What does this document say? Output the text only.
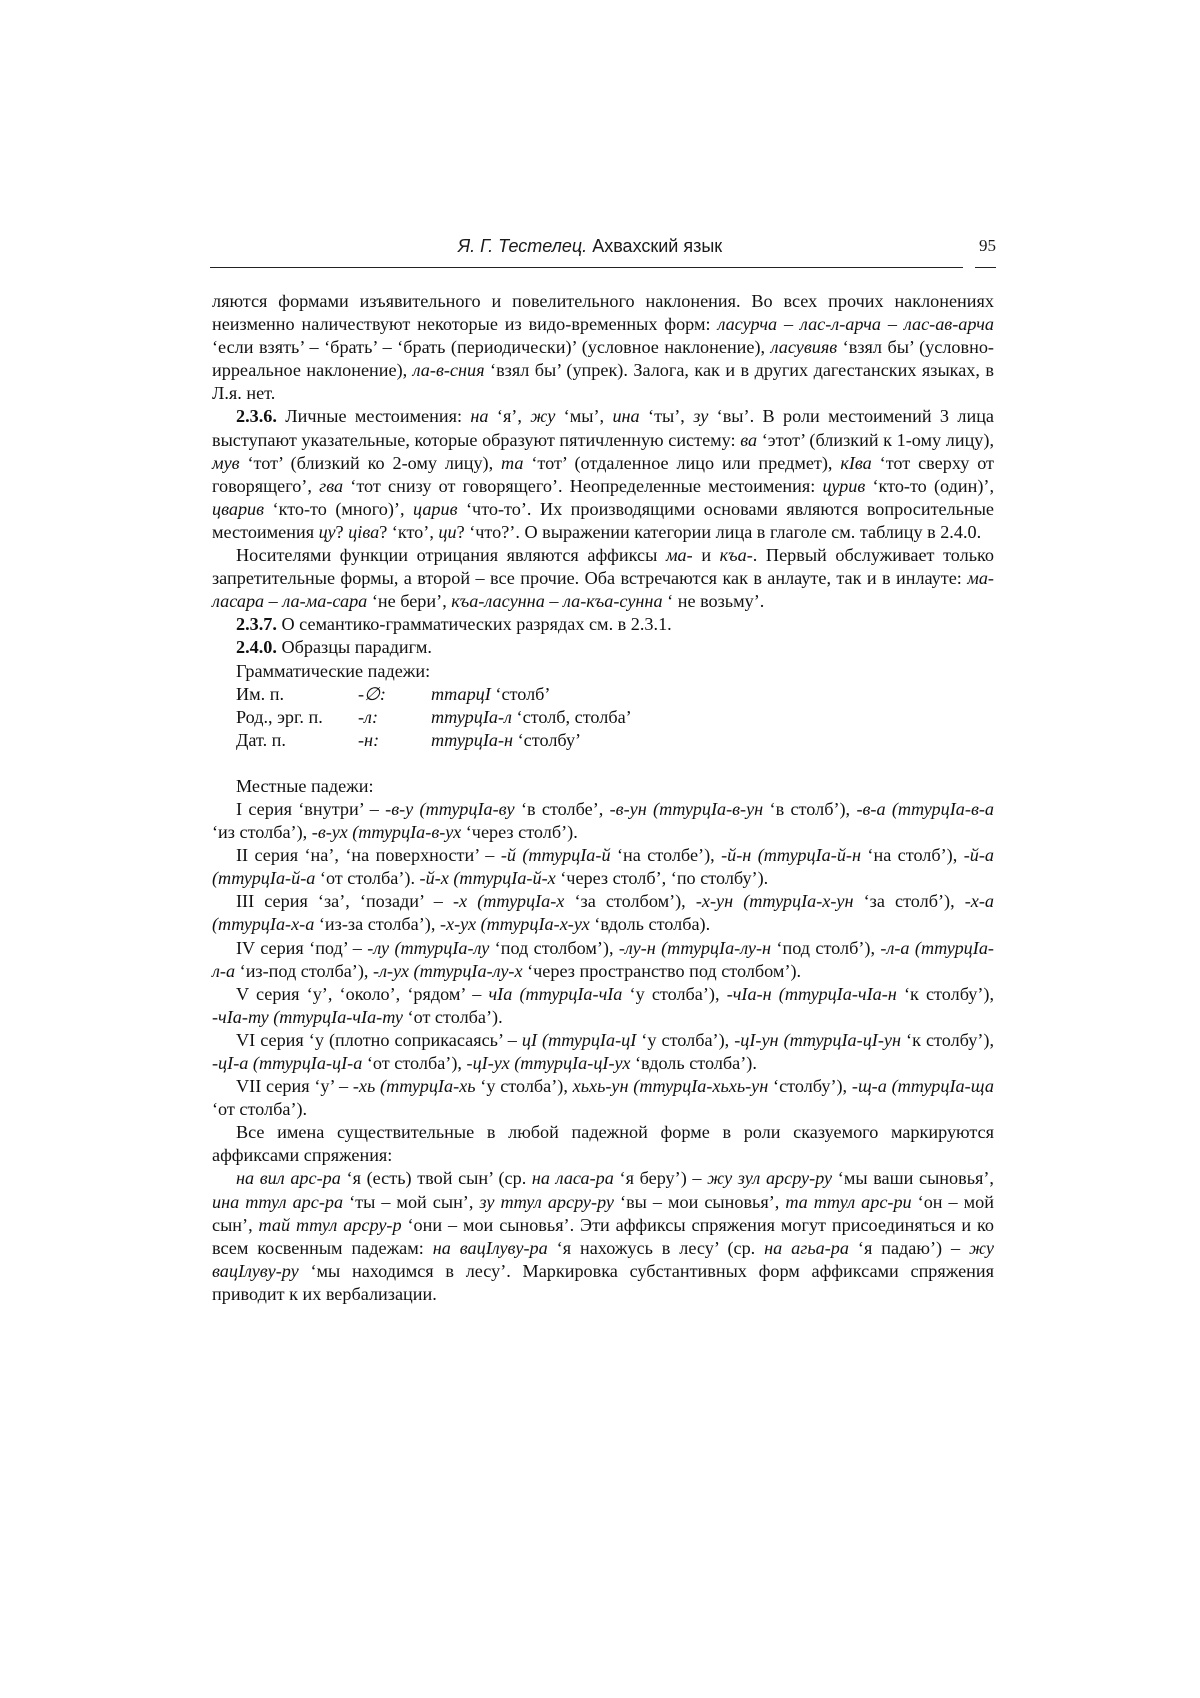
Я. Г. Тестелец. Ахвахский язык	95

ляются формами изъявительного и повелительного наклонения. Во всех прочих наклонениях неизменно наличествуют некоторые из видо-временных форм: ласурча – лас-л-арча – лас-ав-арча ‘если взять’ – ‘брать’ – ‘брать (периодически)’ (условное наклонение), ласувияв ‘взял бы’ (условно-ирреальное наклонение), ла-в-сния ‘взял бы’ (упрек). Залога, как и в других дагестанских языках, в Л.я. нет.

2.3.6. Личные местоимения: на ‘я’, жу ‘мы’, ина ‘ты’, зу ‘вы’. В роли местоимений 3 лица выступают указательные, которые образуют пятичленную систему: ва ‘этот’ (близкий к 1-ому лицу), мув ‘тот’ (близкий ко 2-ому лицу), та ‘тот’ (отдаленное лицо или предмет), кIва ‘тот сверху от говорящего’, гва ‘тот снизу от говорящего’. Неопределенные местоимения: цурив ‘кто-то (один)’, цварив ‘кто-то (много)’, царив ‘что-то’. Их производящими основами являются вопросительные местоимения цу? ціва? ‘кто’, ци? ‘что?’. О выражении категории лица в глаголе см. таблицу в 2.4.0.

Носителями функции отрицания являются аффиксы ма- и къа-. Первый обслуживает только запретительные формы, а второй – все прочие. Оба встречаются как в анлауте, так и в инлауте: ма-ласара – ла-ма-сара ‘не бери’, къа-ласунна – ла-къа-сунна ‘ не возьму’.

2.3.7. О семантико-грамматических разрядах см. в 2.3.1.

2.4.0. Образцы парадигм.

Грамматические падежи:

Им. п.	-∅:	ттарцI ‘столб’
Род., эрг. п.	-л:	ттурцIа-л ‘столб, столба’
Дат. п.	-н:	ттурцIа-н ‘столбу’

Местные падежи:

I серия ‘внутри’ – -в-у (ттурцIа-ву ‘в столбе’, -в-ун (ттурцIа-в-ун ‘в столб’), -в-а (ттурцIа-в-а ‘из столба’), -в-ух (ттурцIа-в-ух ‘через столб’).

II серия ‘на’, ‘на поверхности’ – -й (ттурцIа-й ‘на столбе’), -й-н (ттурцIа-й-н ‘на столб’), -й-а (ттурцIа-й-а ‘от столба’). -й-х (ттурцIа-й-х ‘через столб’, ‘по столбу’).

III серия ‘за’, ‘позади’ – -х (ттурцIа-х ‘за столбом’), -х-ун (ттурцIа-х-ун ‘за столб’), -х-а (ттурцIа-х-а ‘из-за столба’), -х-ух (ттурцIа-х-ух ‘вдоль столба).

IV серия ‘под’ – -лу (ттурцIа-лу ‘под столбом’), -лу-н (ттурцIа-лу-н ‘под столб’), -л-а (ттурцIа-л-а ‘из-под столба’), -л-ух (ттурцIа-лу-х ‘через пространство под столбом’).

V серия ‘у’, ‘около’, ‘рядом’ – чIа (ттурцIа-чIа ‘у столба’), -чIа-н (ттурцIа-чIа-н ‘к столбу’), -чIа-ту (ттурцIа-чIа-ту ‘от столба’).

VI серия ‘у (плотно соприкасаясь’ – цI (ттурцIа-цI ‘у столба’), -цI-ун (ттурцIа-цI-ун ‘к столбу’), -цI-а (ттурцIа-цI-а ‘от столба’), -цI-ух (ттурцIа-цI-ух ‘вдоль столба’).

VII серия ‘у’ – -хь (ттурцIа-хь ‘у столба’), хьхь-ун (ттурцIа-хьхь-ун ‘столбу’), -щ-а (ттурцIа-ща ‘от столба’).

Все имена существительные в любой падежной форме в роли сказуемого маркируются аффиксами спряжения:

на вил арс-ра ‘я (есть) твой сын’ (ср. на ласа-ра ‘я беру’) – жу зул арсру-ру ‘мы ваши сыновья’, ина ттул арс-ра ‘ты – мой сын’, зу ттул арсру-ру ‘вы – мои сыновья’, та ттул арс-ри ‘он – мой сын’, тай ттул арсру-р ‘они – мои сыновья’. Эти аффиксы спряжения могут присоединяться и ко всем косвенным падежам: на вацIлуву-ра ‘я нахожусь в лесу’ (ср. на агьа-ра ‘я падаю’) – жу вацIлуву-ру ‘мы находимся в лесу’. Маркировка субстантивных форм аффиксами спряжения приводит к их вербализации.
